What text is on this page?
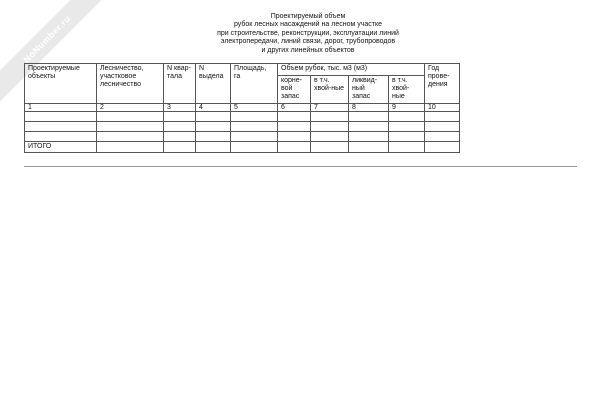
NoNumber.ru	Проектируемый объем
рубок лесных насаждений на лесном участке
при строительстве, реконструкции, эксплуатации линий
электропередачи, линий связи, дорог, трубопроводов
и других линейных объектов
Проектируемые объекты	Лесничество, участковое лесничество	N квар-тала	N выдела	Площадь, га	Объем рубок, тыс. м3 (м3)				Год прове-дения
					корне-вой запас	в т.ч. хвой-ные	ликвид-ный запас	в т.ч. хвой-ные	
1	2	3	4	5	6	7	8	9	10

ИТОГО									
